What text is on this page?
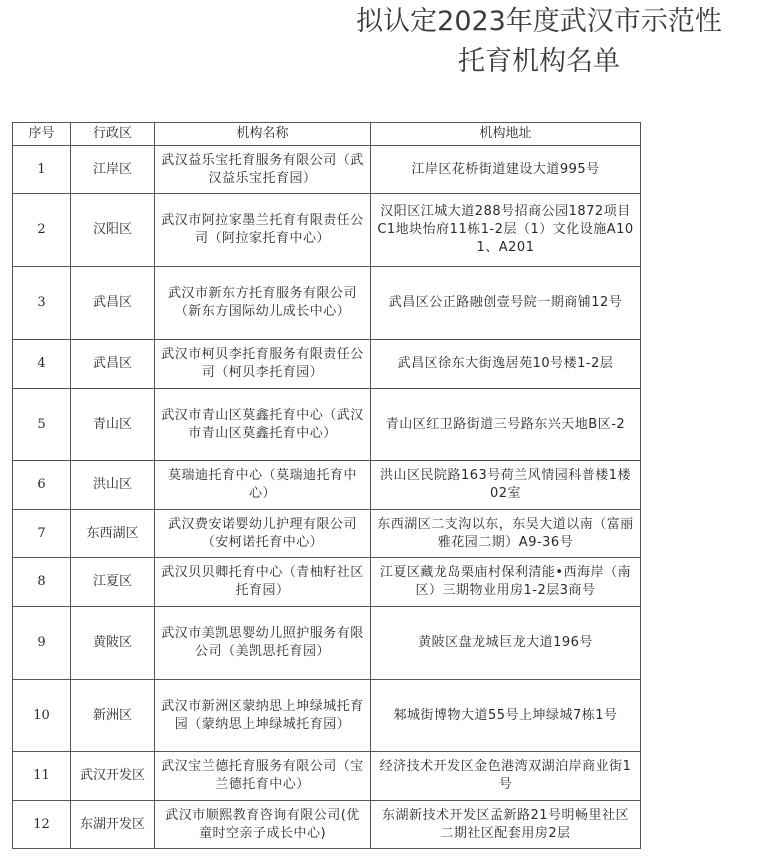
拟认定2023年度武汉市示范性
托育机构名单
序号	行政区	机构名称	机构地址
1	江岸区	武汉益乐宝托育服务有限公司（武汉益乐宝托育园）	江岸区花桥街道建设大道995号
2	汉阳区	武汉市阿拉家墨兰托育有限责任公司（阿拉家托育中心）	汉阳区江城大道288号招商公园1872项目C1地块怡府11栋1-2层（1）文化设施A101、A201
3	武昌区	武汉市新东方托育服务有限公司（新东方国际幼儿成长中心）	武昌区公正路融创壹号院一期商铺12号
4	武昌区	武汉市柯贝李托育服务有限责任公司（柯贝李托育园）	武昌区徐东大街逸居苑10号楼1-2层
5	青山区	武汉市青山区莫鑫托育中心（武汉市青山区莫鑫托育中心）	青山区红卫路街道三号路东兴天地B区-2
6	洪山区	莫瑞迪托育中心（莫瑞迪托育中心）	洪山区民院路163号荷兰风情园科普楼1楼02室
7	东西湖区	武汉费安诺婴幼儿护理有限公司（安柯诺托育中心）	东西湖区二支沟以东，东吴大道以南（富丽雅花园二期）A9-36号
8	江夏区	武汉贝贝卿托育中心（青柚籽社区托育园）	江夏区藏龙岛栗庙村保利清能•西海岸（南区）三期物业用房1-2层3商号
9	黄陂区	武汉市美凯思婴幼儿照护服务有限公司（美凯思托育园）	黄陂区盘龙城巨龙大道196号
10	新洲区	武汉市新洲区蒙纳思上坤绿城托育园（蒙纳思上坤绿城托育园）	邾城街博物大道55号上坤绿城7栋1号
11	武汉开发区	武汉宝兰德托育服务有限公司（宝兰德托育中心）	经济技术开发区金色港湾双湖泊岸商业街1号
12	东湖开发区	武汉市顺熙教育咨询有限公司(优童时空亲子成长中心)	东湖新技术开发区孟新路21号明畅里社区二期社区配套用房2层
